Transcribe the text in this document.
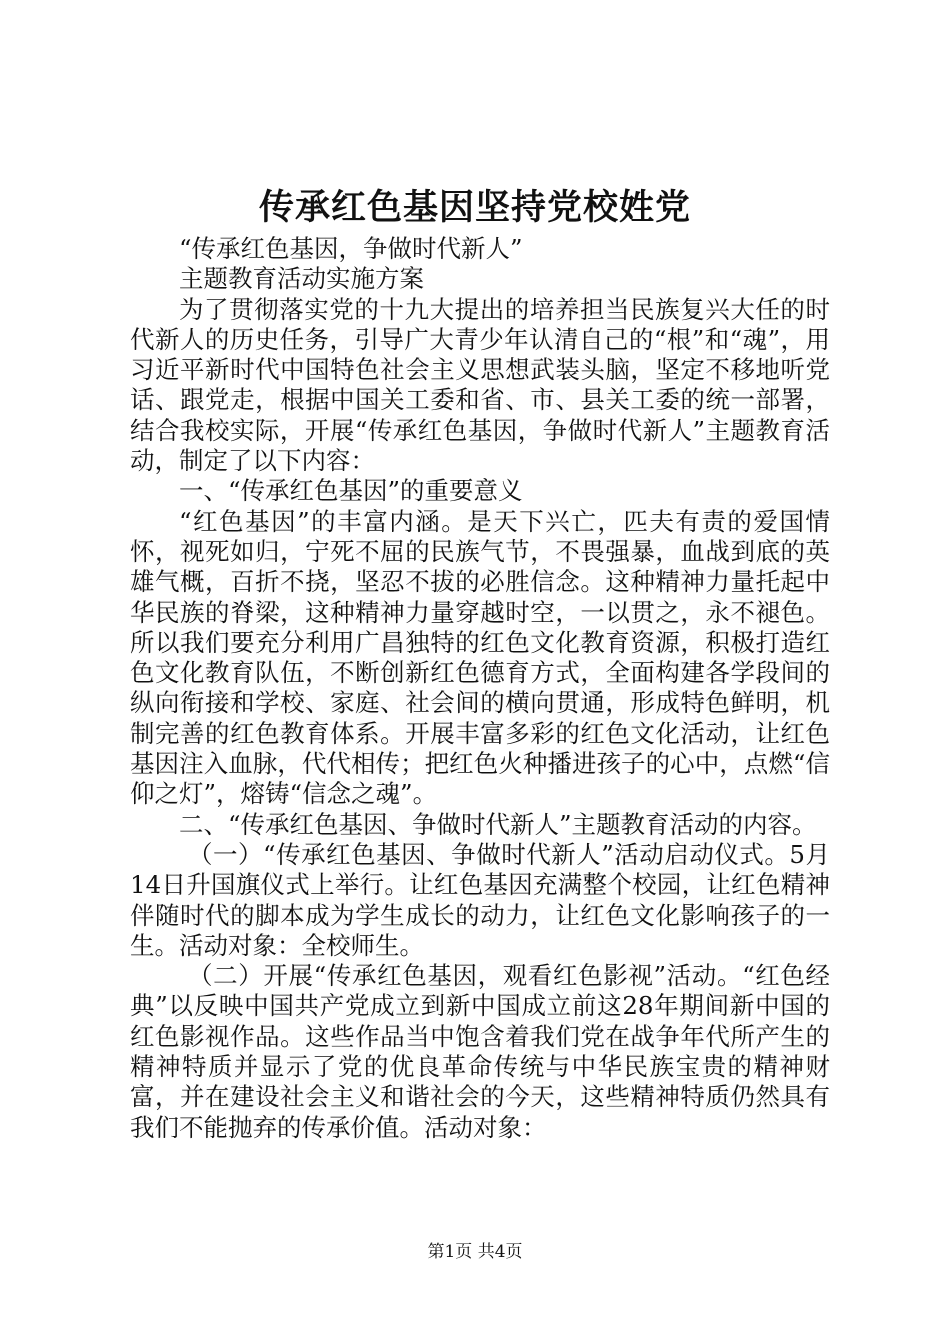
传承红色基因坚持党校姓党

“传承红色基因，争做时代新人”

主题教育活动实施方案

为了贯彻落实党的十九大提出的培养担当民族复兴大任的时代新人的历史任务，引导广大青少年认清自己的“根”和“魂”，用习近平新时代中国特色社会主义思想武装头脑，坚定不移地听党话、跟党走，根据中国关工委和省、市、县关工委的统一部署，结合我校实际，开展“传承红色基因，争做时代新人”主题教育活动，制定了以下内容：

一、“传承红色基因”的重要意义

“红色基因”的丰富内涵。是天下兴亡，匹夫有责的爱国情怀，视死如归，宁死不屈的民族气节，不畏强暴，血战到底的英雄气概，百折不挠，坚忍不拔的必胜信念。这种精神力量托起中华民族的脊梁，这种精神力量穿越时空，一以贯之，永不褪色。所以我们要充分利用广昌独特的红色文化教育资源，积极打造红色文化教育队伍，不断创新红色德育方式，全面构建各学段间的纵向衔接和学校、家庭、社会间的横向贯通，形成特色鲜明，机制完善的红色教育体系。开展丰富多彩的红色文化活动，让红色基因注入血脉，代代相传；把红色火种播进孩子的心中，点燃“信仰之灯”，熔铸“信念之魂”。

二、“传承红色基因、争做时代新人”主题教育活动的内容。

（一）“传承红色基因、争做时代新人”活动启动仪式。5月14日升国旗仪式上举行。让红色基因充满整个校园，让红色精神伴随时代的脚本成为学生成长的动力，让红色文化影响孩子的一生。活动对象：全校师生。

（二）开展“传承红色基因，观看红色影视”活动。“红色经典”以反映中国共产党成立到新中国成立前这28年期间新中国的红色影视作品。这些作品当中饱含着我们党在战争年代所产生的精神特质并显示了党的优良革命传统与中华民族宝贵的精神财富，并在建设社会主义和谐社会的今天，这些精神特质仍然具有我们不能抛弃的传承价值。活动对象：

第1页 共4页
